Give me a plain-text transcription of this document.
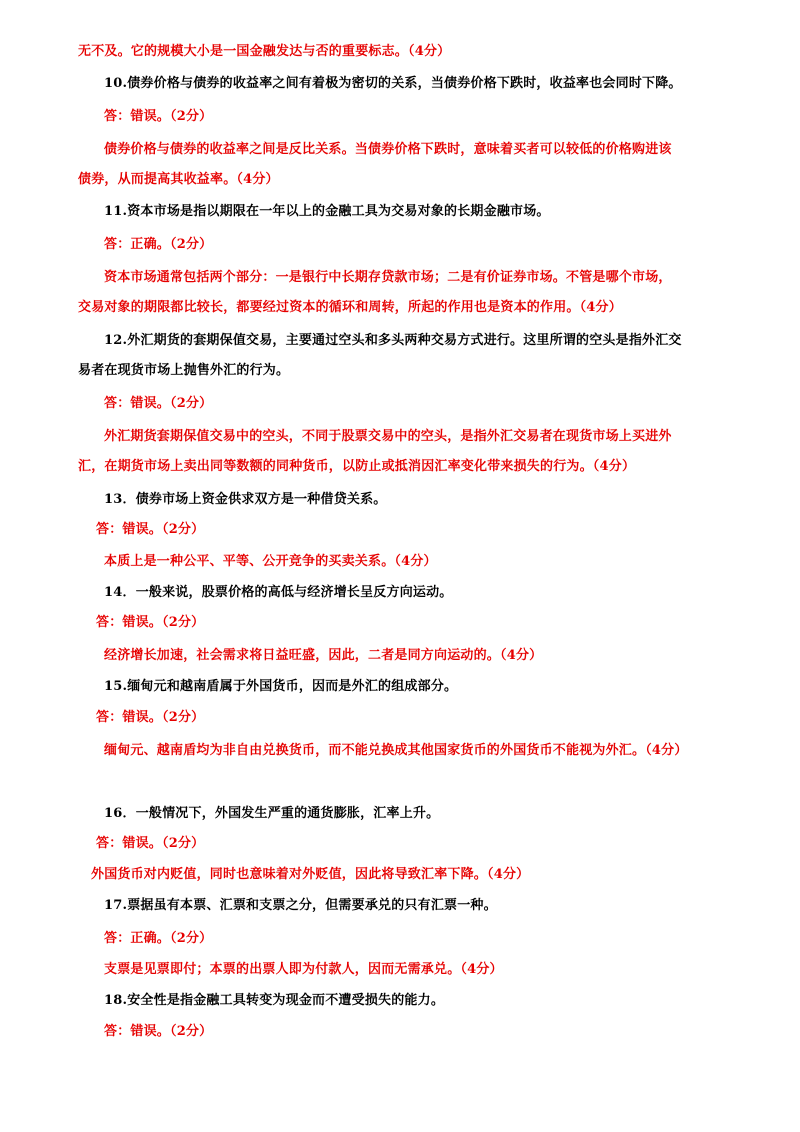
无不及。它的规模大小是一国金融发达与否的重要标志。（4分）
10.债券价格与债券的收益率之间有着极为密切的关系，当债券价格下跌时，收益率也会同时下降。
答：错误。（2分）
债券价格与债券的收益率之间是反比关系。当债券价格下跌时，意味着买者可以较低的价格购进该
债券，从而提高其收益率。（4分）
11.资本市场是指以期限在一年以上的金融工具为交易对象的长期金融市场。
答：正确。（2分）
资本市场通常包括两个部分：一是银行中长期存贷款市场；二是有价证券市场。不管是哪个市场，
交易对象的期限都比较长，都要经过资本的循环和周转，所起的作用也是资本的作用。（4分）
12.外汇期货的套期保值交易，主要通过空头和多头两种交易方式进行。这里所谓的空头是指外汇交
易者在现货市场上抛售外汇的行为。
答：错误。（2分）
外汇期货套期保值交易中的空头，不同于股票交易中的空头，是指外汇交易者在现货市场上买进外
汇，在期货市场上卖出同等数额的同种货币，以防止或抵消因汇率变化带来损失的行为。（4分）
13．债券市场上资金供求双方是一种借贷关系。
答：错误。（2分）
本质上是一种公平、平等、公开竞争的买卖关系。（4分）
14．一般来说，股票价格的高低与经济增长呈反方向运动。
答：错误。（2分）
经济增长加速，社会需求将日益旺盛，因此，二者是同方向运动的。（4分）
15.缅甸元和越南盾属于外国货币，因而是外汇的组成部分。
答：错误。（2分）
缅甸元、越南盾均为非自由兑换货币，而不能兑换成其他国家货币的外国货币不能视为外汇。（4分）
16．一般情况下，外国发生严重的通货膨胀，汇率上升。
答：错误。（2分）
外国货币对内贬值，同时也意味着对外贬值，因此将导致汇率下降。（4分）
17.票据虽有本票、汇票和支票之分，但需要承兑的只有汇票一种。
答：正确。（2分）
支票是见票即付；本票的出票人即为付款人，因而无需承兑。（4分）
18.安全性是指金融工具转变为现金而不遭受损失的能力。
答：错误。（2分）
